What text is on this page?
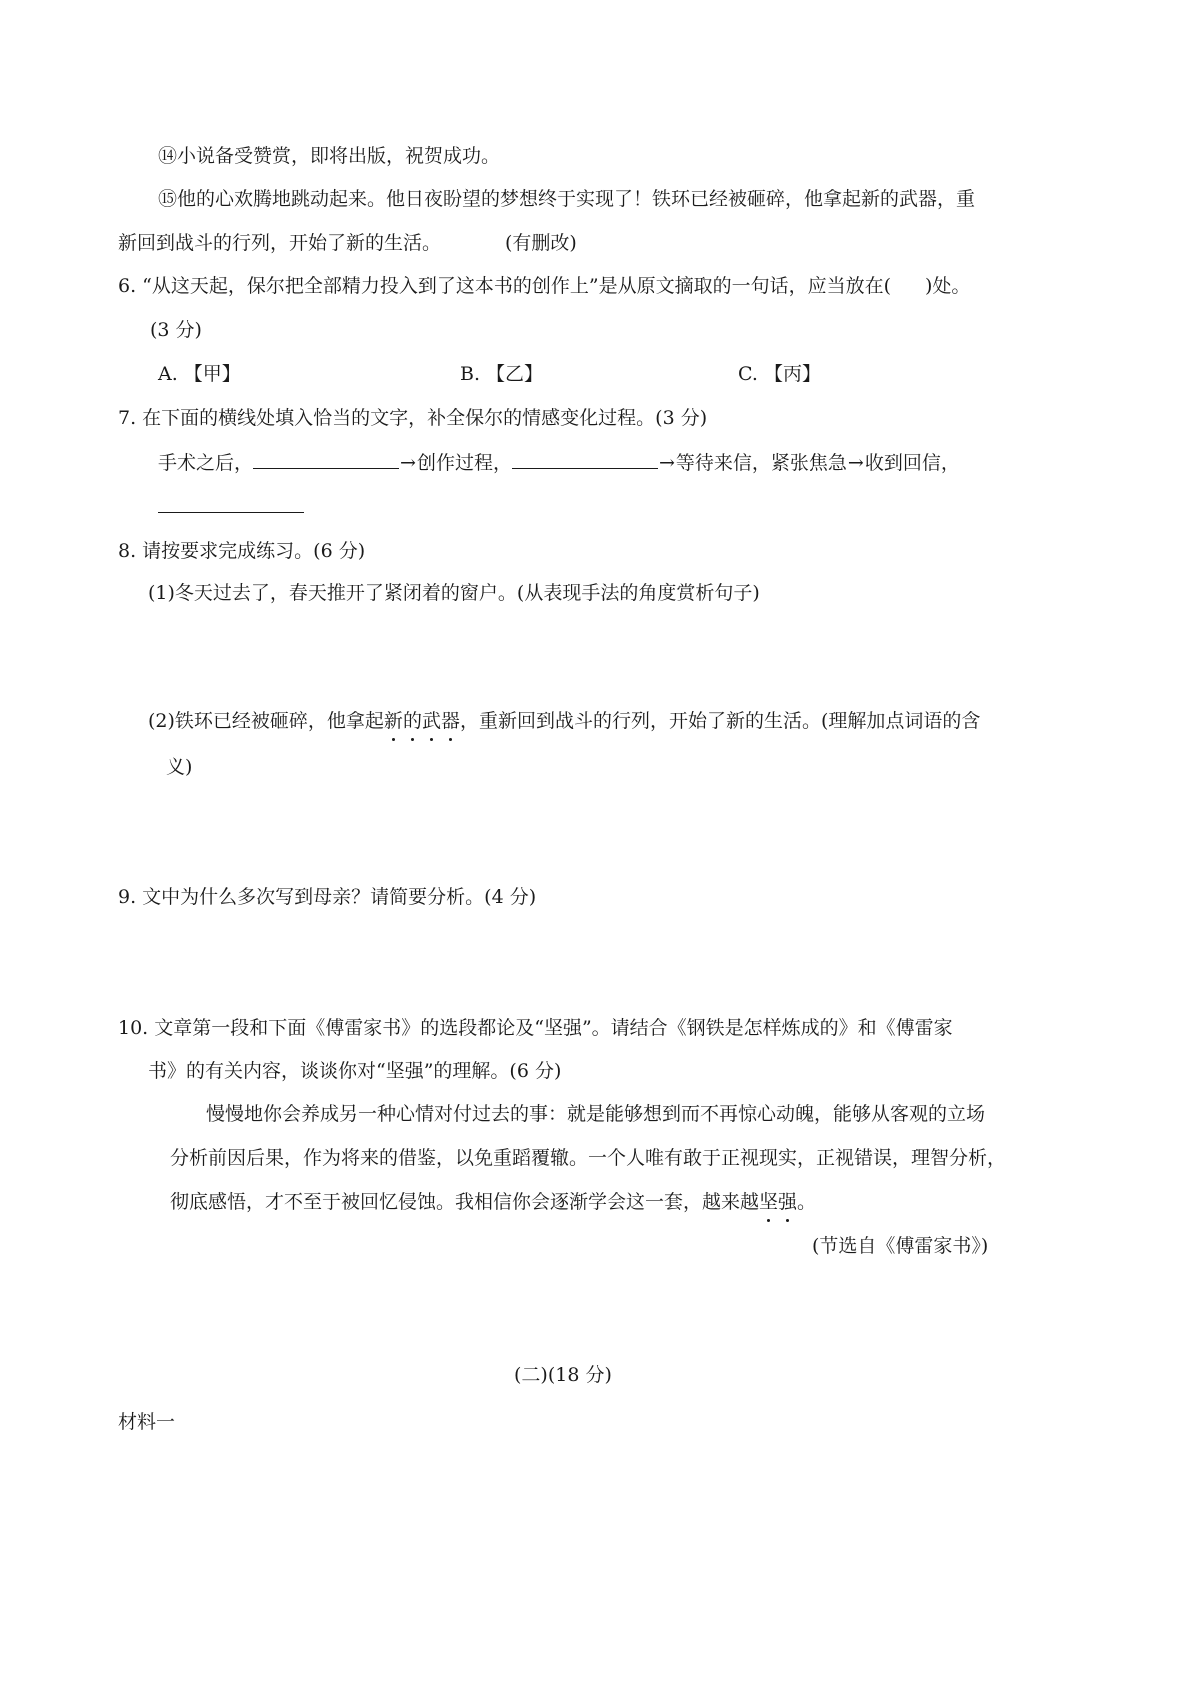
⑭小说备受赞赏，即将出版，祝贺成功。
⑮他的心欢腾地跳动起来。他日夜盼望的梦想终于实现了！铁环已经被砸碎，他拿起新的武器，重
新回到战斗的行列，开始了新的生活。	(有删改)
6. “从这天起，保尔把全部精力投入到了这本书的创作上”是从原文摘取的一句话，应当放在( )处。
(3 分)
A. 【甲】	B. 【乙】	C. 【丙】
7. 在下面的横线处填入恰当的文字，补全保尔的情感变化过程。(3 分)
手术之后，	→创作过程，	→等待来信，紧张焦急→收到回信，
8. 请按要求完成练习。(6 分)
(1)冬天过去了，春天推开了紧闭着的窗户。(从表现手法的角度赏析句子)
(2)铁环已经被砸碎，他拿起新的武器，重新回到战斗的行列，开始了新的生活。(理解加点词语的含
义)
9. 文中为什么多次写到母亲？请简要分析。(4 分)
10. 文章第一段和下面《傅雷家书》的选段都论及“坚强”。请结合《钢铁是怎样炼成的》和《傅雷家
书》的有关内容，谈谈你对“坚强”的理解。(6 分)
慢慢地你会养成另一种心情对付过去的事：就是能够想到而不再惊心动魄，能够从客观的立场
分析前因后果，作为将来的借鉴，以免重蹈覆辙。一个人唯有敢于正视现实，正视错误，理智分析，
彻底感悟，才不至于被回忆侵蚀。我相信你会逐渐学会这一套，越来越坚强。
(节选自《傅雷家书》)
(二)(18 分)
材料一
